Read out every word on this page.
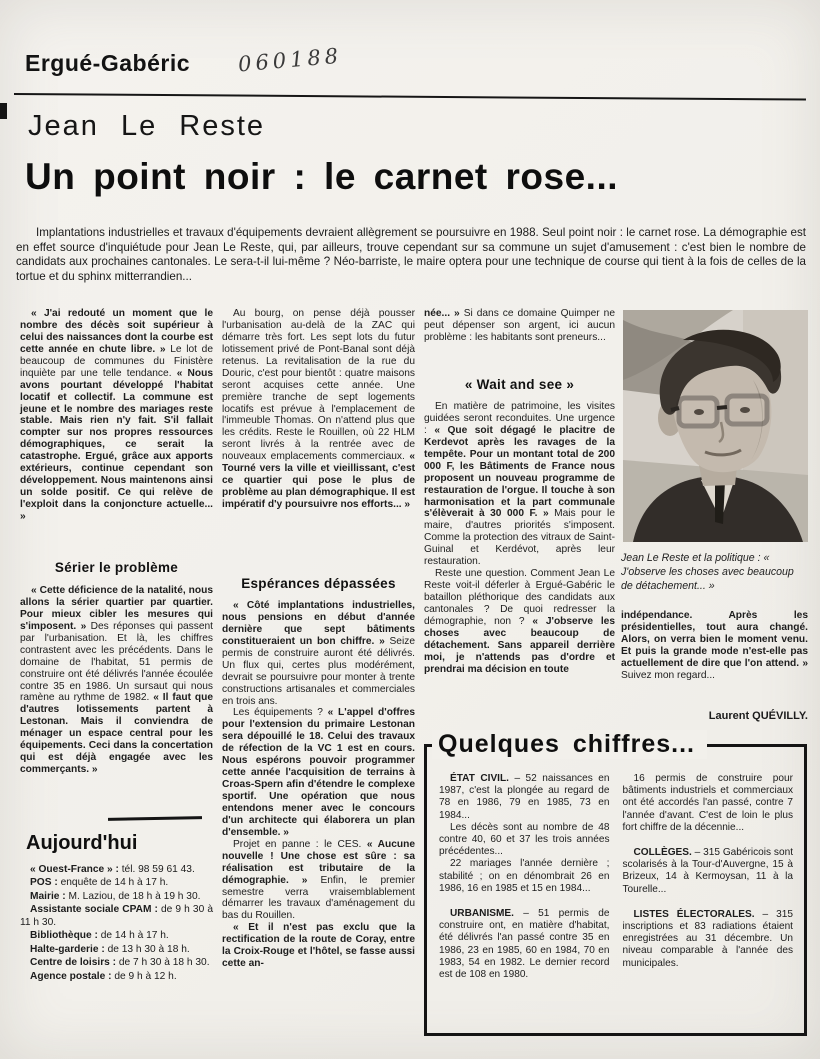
Ergué-Gabéric 060188
Jean Le Reste
Un point noir : le carnet rose...
Implantations industrielles et travaux d'équipements devraient allègrement se poursuivre en 1988. Seul point noir : le carnet rose. La démographie est en effet source d'inquiétude pour Jean Le Reste, qui, par ailleurs, trouve cependant sur sa commune un sujet d'amusement : c'est bien le nombre de candidats aux prochaines cantonales. Le sera-t-il lui-même ? Néo-barriste, le maire optera pour une technique de course qui tient à la fois de celles de la tortue et du sphinx mitterrandien...

« J'ai redouté un moment que le nombre des décès soit supérieur à celui des naissances dont la courbe est cette année en chute libre. » Le lot de beaucoup de communes du Finistère inquiète par une telle tendance. « Nous avons pourtant développé l'habitat locatif et collectif. La commune est jeune et le nombre des mariages reste stable. Mais rien n'y fait. S'il fallait compter sur nos propres ressources démographiques, ce serait la catastrophe. Ergué, grâce aux apports extérieurs, continue cependant son développement. Nous maintenons ainsi un solde positif. Ce qui relève de l'exploit dans la conjoncture actuelle... »

Sérier le problème

« Cette déficience de la natalité, nous allons la sérier quartier par quartier. Pour mieux cibler les mesures qui s'imposent. » Des réponses qui passent par l'urbanisation. Et là, les chiffres contrastent avec les précédents. Dans le domaine de l'habitat, 51 permis de construire ont été délivrés l'année écoulée contre 35 en 1986. Un sursaut qui nous ramène au rythme de 1982. « Il faut que d'autres lotissements partent à Lestonan. Mais il conviendra de ménager un espace central pour les équipements. Ceci dans la concertation qui est déjà engagée avec les commerçants. »

Aujourd'hui

« Ouest-France » : tél. 98 59 61 43.

POS : enquête de 14 h à 17 h.

Mairie : M. Laziou, de 18 h à 19 h 30.

Assistante sociale CPAM : de 9 h 30 à 11 h 30.

Bibliothèque : de 14 h à 17 h.

Halte-garderie : de 13 h 30 à 18 h.

Centre de loisirs : de 7 h 30 à 18 h 30.

Agence postale : de 9 h à 12 h.

Au bourg, on pense déjà pousser l'urbanisation au-delà de la ZAC qui démarre très fort. Les sept lots du futur lotissement privé de Pont-Banal sont déjà retenus. La revitalisation de la rue du Douric, c'est pour bientôt : quatre maisons seront acquises cette année. Une première tranche de sept logements locatifs est prévue à l'emplacement de l'immeuble Thomas. On n'attend plus que les crédits. Reste le Rouillen, où 22 HLM seront livrés à la rentrée avec de nouveaux emplacements commerciaux. « Tourné vers la ville et vieillissant, c'est ce quartier qui pose le plus de problème au plan démographique. Il est impératif d'y poursuivre nos efforts... »

Espérances dépassées

« Côté implantations industrielles, nous pensions en début d'année dernière que sept bâtiments constitueraient un bon chiffre. » Seize permis de construire auront été délivrés. Un flux qui, certes plus modérément, devrait se poursuivre pour monter à trente constructions artisanales et commerciales en trois ans.

Les équipements ? « L'appel d'offres pour l'extension du primaire Lestonan sera dépouillé le 18. Celui des travaux de réfection de la VC 1 est en cours. Nous espérons pouvoir programmer cette année l'acquisition de terrains à Croas-Spern afin d'étendre le complexe sportif. Une opération que nous entendons mener avec le concours d'un architecte qui élaborera un plan d'ensemble. »

Projet en panne : le CES. « Aucune nouvelle ! Une chose est sûre : sa réalisation est tributaire de la démographie. » Enfin, le premier semestre verra vraisemblablement démarrer les travaux d'aménagement du bas du Rouillen.

« Et il n'est pas exclu que la rectification de la route de Coray, entre la Croix-Rouge et l'hôtel, se fasse aussi cette an-

née... » Si dans ce domaine Quimper ne peut dépenser son argent, ici aucun problème : les habitants sont preneurs...

« Wait and see »

En matière de patrimoine, les visites guidées seront reconduites. Une urgence : « Que soit dégagé le placitre de Kerdevot après les ravages de la tempête. Pour un montant total de 200 000 F, les Bâtiments de France nous proposent un nouveau programme de restauration de l'orgue. Il touche à son harmonisation et la part communale s'élèverait à 30 000 F. » Mais pour le maire, d'autres priorités s'imposent. Comme la protection des vitraux de Saint-Guinal et Kerdévot, après leur restauration.

Reste une question. Comment Jean Le Reste voit-il déferler à Ergué-Gabéric le bataillon pléthorique des candidats aux cantonales ? De quoi redresser la démographie, non ? « J'observe les choses avec beaucoup de détachement. Sans appareil derrière moi, je n'attends pas d'ordre et prendrai ma décision en toute

Jean Le Reste et la politique : « J'observe les choses avec beaucoup de détachement... »

indépendance. Après les présidentielles, tout aura changé. Alors, on verra bien le moment venu. Et puis la grande mode n'est-elle pas actuellement de dire que l'on attend. » Suivez mon regard...

Laurent QUÉVILLY.
Quelques chiffres...

ÉTAT CIVIL. – 52 naissances en 1987, c'est la plongée au regard de 78 en 1986, 79 en 1985, 73 en 1984...

Les décès sont au nombre de 48 contre 40, 60 et 37 les trois années précédentes...

22 mariages l'année dernière ; stabilité ; on en dénombrait 26 en 1986, 16 en 1985 et 15 en 1984...

URBANISME. – 51 permis de construire ont, en matière d'habitat, été délivrés l'an passé contre 35 en 1986, 23 en 1985, 60 en 1984, 70 en 1983, 54 en 1982. Le dernier record est de 108 en 1980.

16 permis de construire pour bâtiments industriels et commerciaux ont été accordés l'an passé, contre 7 l'année d'avant. C'est de loin le plus fort chiffre de la décennie...

COLLÈGES. – 315 Gabéricois sont scolarisés à la Tour-d'Auvergne, 15 à Brizeux, 14 à Kermoysan, 11 à la Tourelle...

LISTES ÉLECTORALES. – 315 inscriptions et 83 radiations étaient enregistrées au 31 décembre. Un niveau comparable à l'année des municipales.
